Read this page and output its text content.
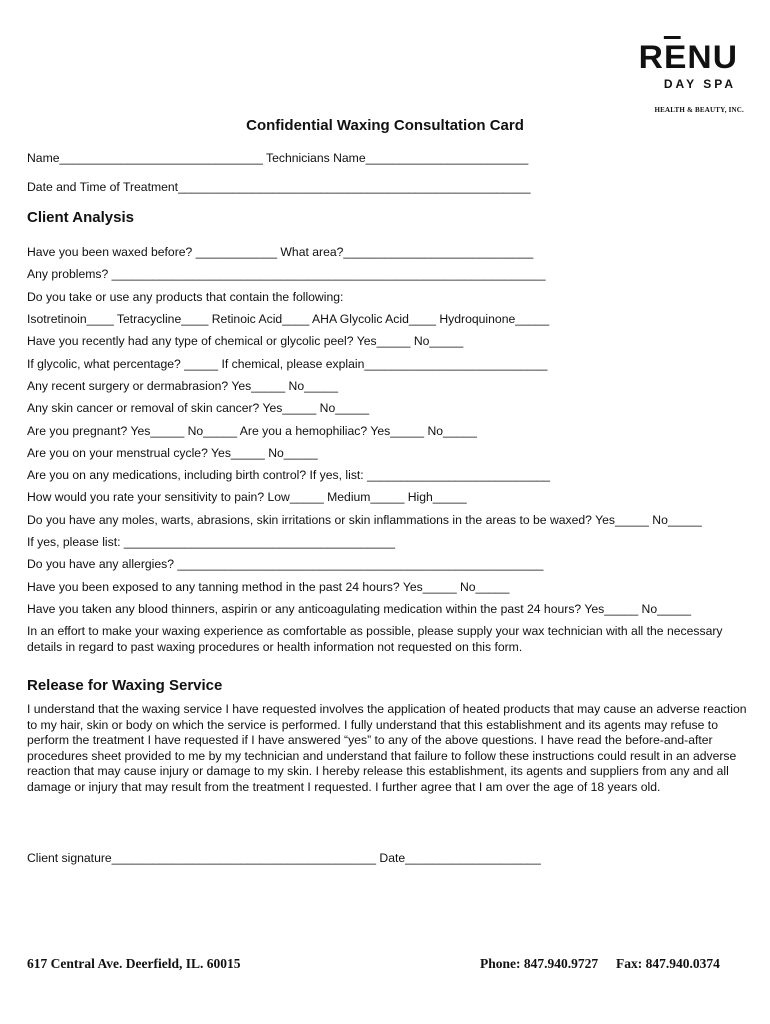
RENU
DAY SPA
HEALTH & BEAUTY, INC.
Confidential Waxing Consultation Card
Name______________________________ Technicians Name________________________
Date and Time of Treatment____________________________________________________
Client Analysis
Have you been waxed before? ____________ What area?____________________________
Any problems? ________________________________________________________________
Do you take or use any products that contain the following:
Isotretinoin____ Tetracycline____ Retinoic Acid____ AHA Glycolic Acid____ Hydroquinone_____
Have you recently had any type of chemical or glycolic peel? Yes_____ No_____
If glycolic, what percentage? _____ If chemical, please explain___________________________
Any recent surgery or dermabrasion? Yes_____ No_____
Any skin cancer or removal of skin cancer? Yes_____ No_____
Are you pregnant? Yes_____ No_____ Are you a hemophiliac? Yes_____ No_____
Are you on your menstrual cycle? Yes_____ No_____
Are you on any medications, including birth control? If yes, list: ___________________________
How would you rate your sensitivity to pain? Low_____ Medium_____ High_____
Do you have any moles, warts, abrasions, skin irritations or skin inflammations in the areas to be waxed? Yes_____ No_____
If yes, please list: ________________________________________
Do you have any allergies? ______________________________________________________
Have you been exposed to any tanning method in the past 24 hours? Yes_____ No_____
Have you taken any blood thinners, aspirin or any anticoagulating medication within the past 24 hours? Yes_____ No_____
In an effort to make your waxing experience as comfortable as possible, please supply your wax technician with all the necessary details in regard to past waxing procedures or health information not requested on this form.
Release for Waxing Service
I understand that the waxing service I have requested involves the application of heated products that may cause an adverse reaction to my hair, skin or body on which the service is performed. I fully understand that this establishment and its agents may refuse to perform the treatment I have requested if I have answered “yes” to any of the above questions. I have read the before-and-after procedures sheet provided to me by my technician and understand that failure to follow these instructions could result in an adverse reaction that may cause injury or damage to my skin. I hereby release this establishment, its agents and suppliers from any and all damage or injury that may result from the treatment I requested. I further agree that I am over the age of 18 years old.
Client signature_______________________________________ Date____________________
617 Central Ave. Deerfield, IL. 60015	Phone: 847.940.9727 Fax: 847.940.0374
